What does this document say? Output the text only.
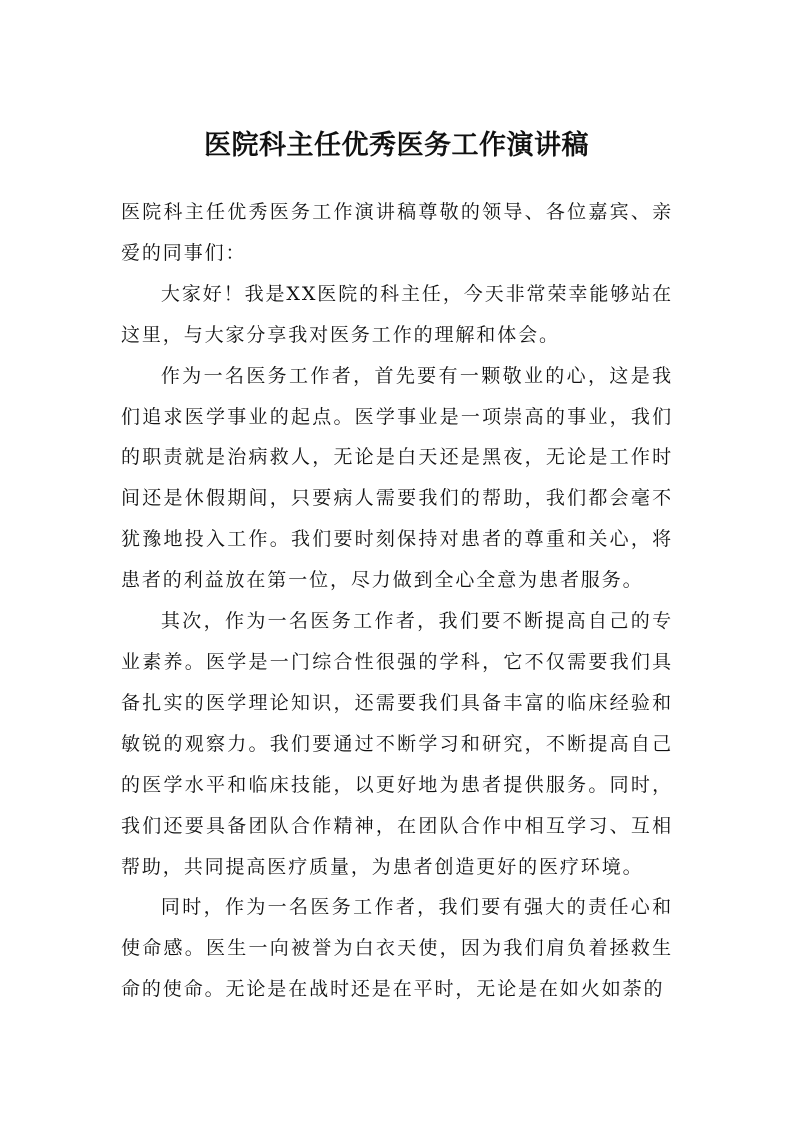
医院科主任优秀医务工作演讲稿

医院科主任优秀医务工作演讲稿尊敬的领导、各位嘉宾、亲爱的同事们：

大家好！我是XX医院的科主任，今天非常荣幸能够站在这里，与大家分享我对医务工作的理解和体会。

作为一名医务工作者，首先要有一颗敬业的心，这是我们追求医学事业的起点。医学事业是一项崇高的事业，我们的职责就是治病救人，无论是白天还是黑夜，无论是工作时间还是休假期间，只要病人需要我们的帮助，我们都会毫不犹豫地投入工作。我们要时刻保持对患者的尊重和关心，将患者的利益放在第一位，尽力做到全心全意为患者服务。

其次，作为一名医务工作者，我们要不断提高自己的专业素养。医学是一门综合性很强的学科，它不仅需要我们具备扎实的医学理论知识，还需要我们具备丰富的临床经验和敏锐的观察力。我们要通过不断学习和研究，不断提高自己的医学水平和临床技能，以更好地为患者提供服务。同时，我们还要具备团队合作精神，在团队合作中相互学习、互相帮助，共同提高医疗质量，为患者创造更好的医疗环境。

同时，作为一名医务工作者，我们要有强大的责任心和使命感。医生一向被誉为白衣天使，因为我们肩负着拯救生命的使命。无论是在战时还是在平时，无论是在如火如荼的
